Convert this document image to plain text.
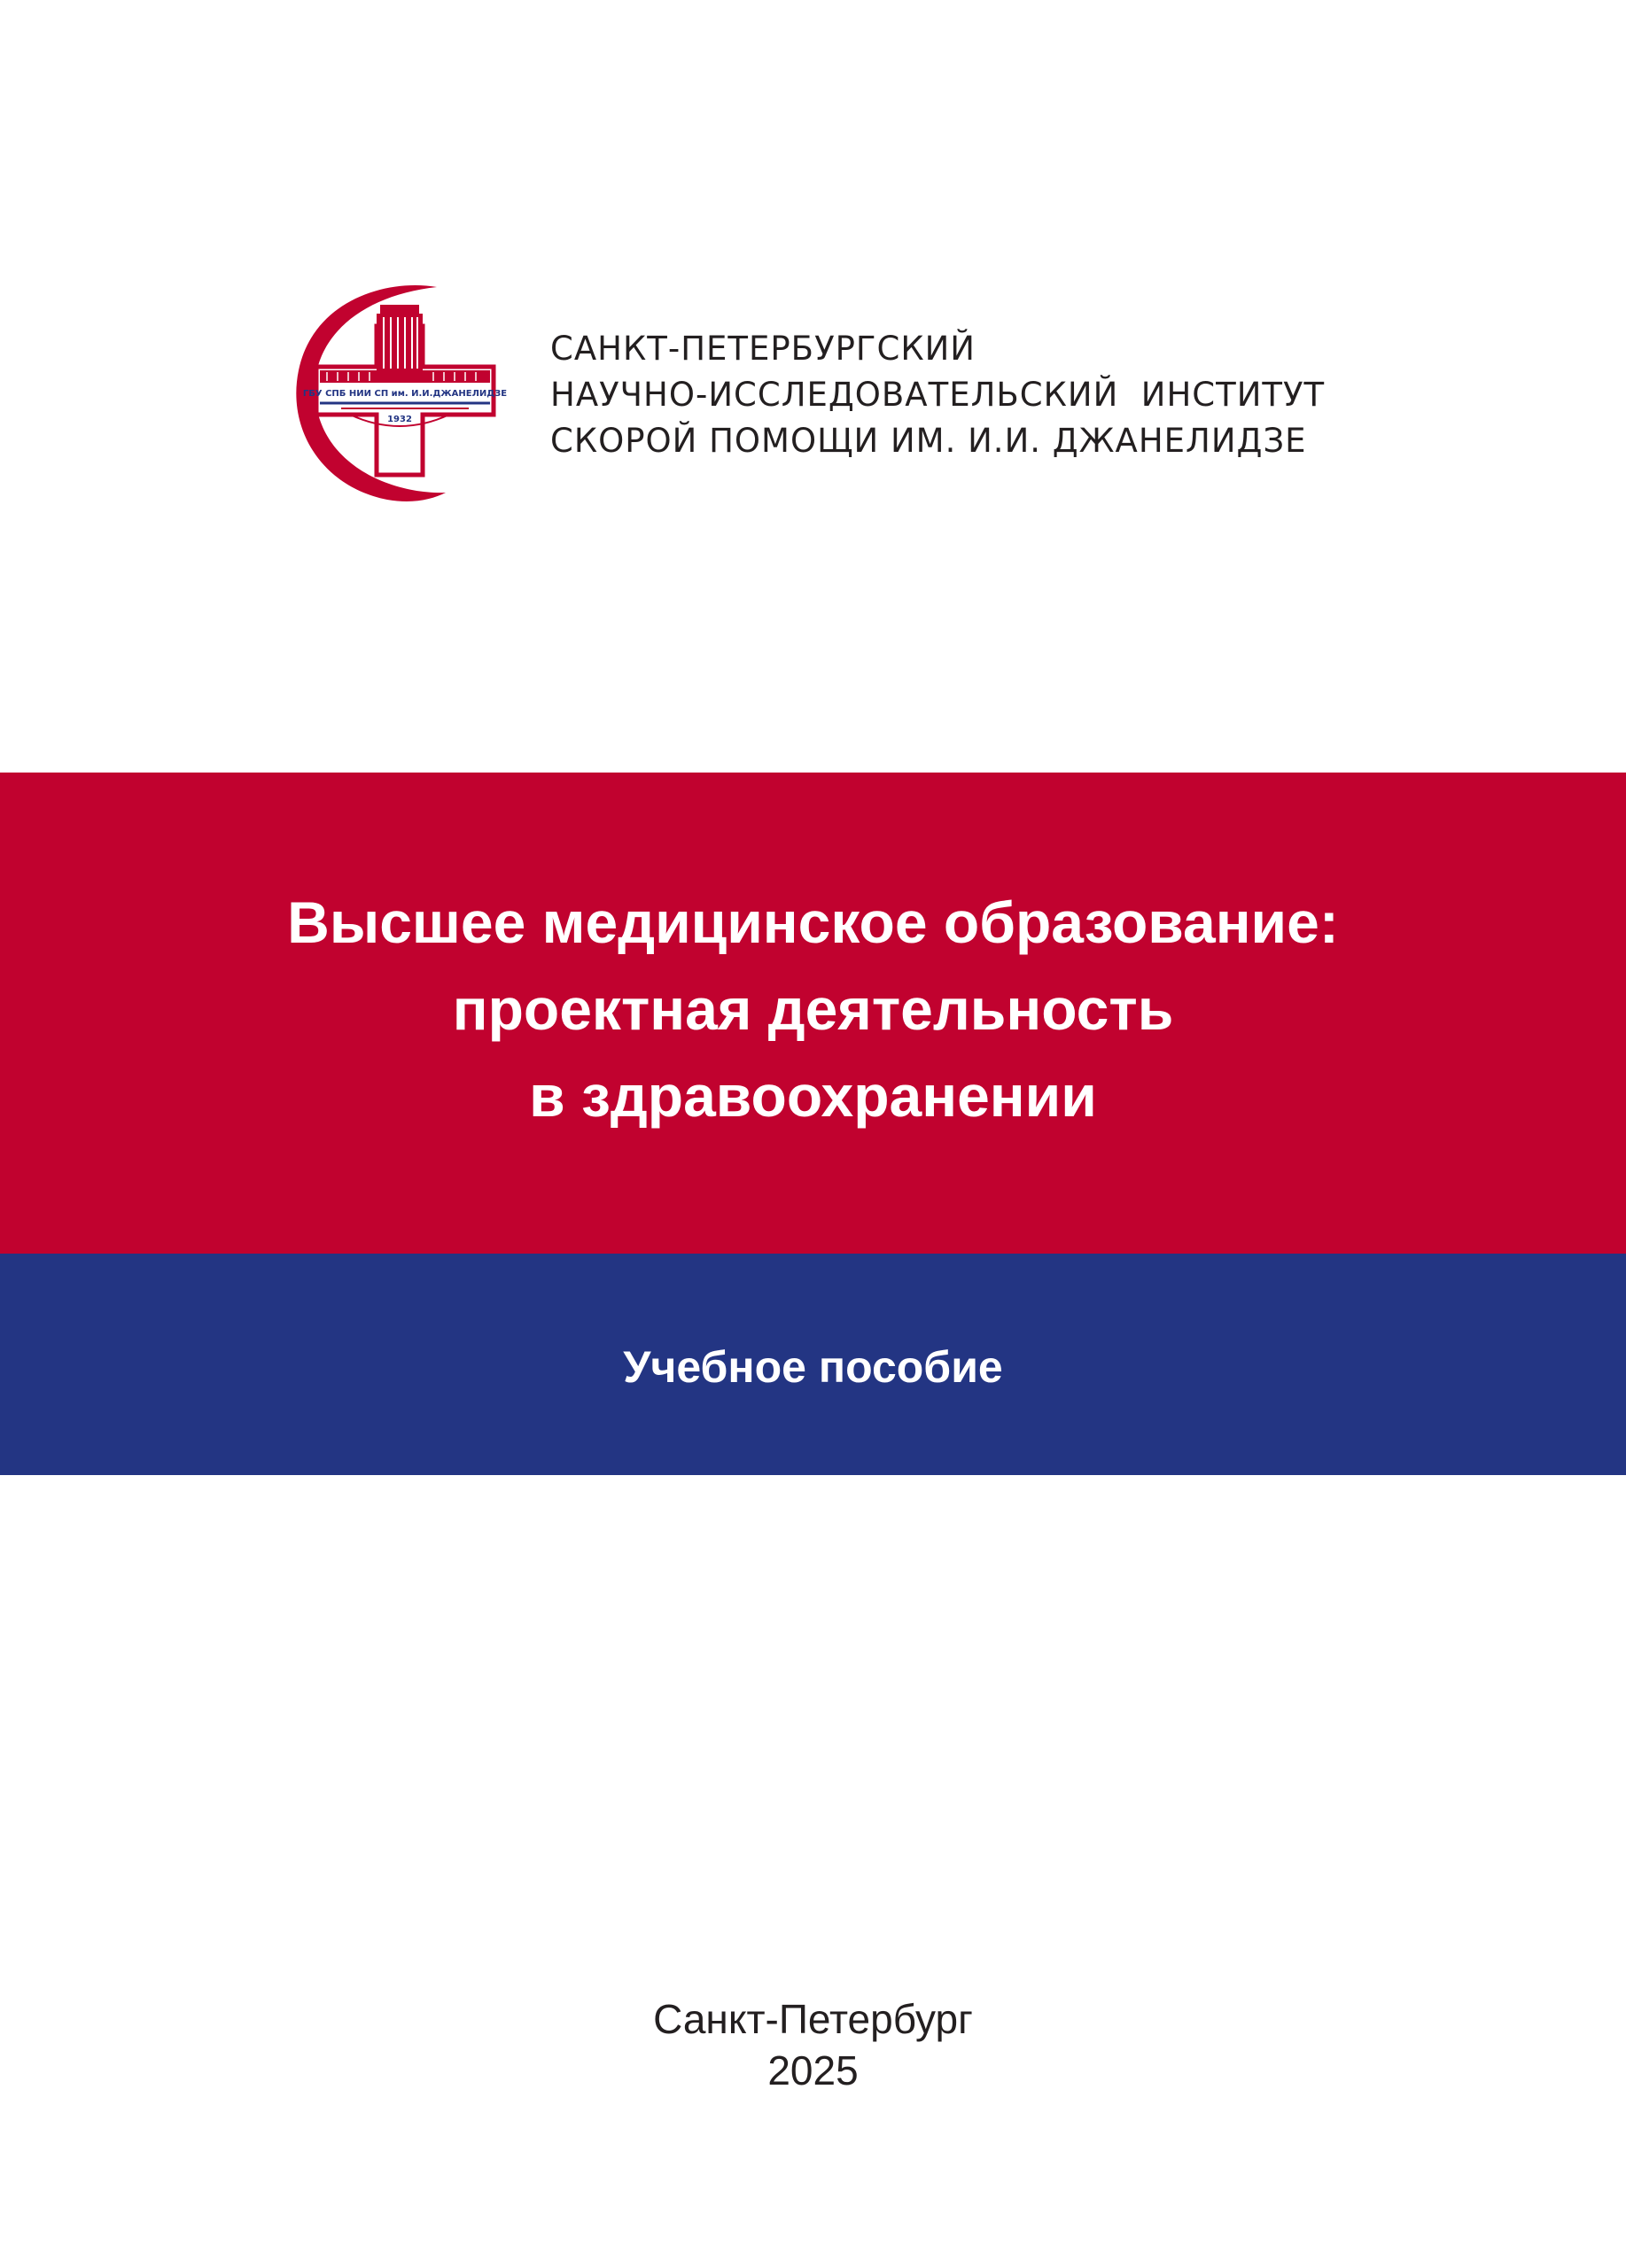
ГБУ СПБ НИИ СП им. И.И.ДЖАНЕЛИДЗЕ
1932
САНКТ-ПЕТЕРБУРГСКИЙ
НАУЧНО-ИССЛЕДОВАТЕЛЬСКИЙ  ИНСТИТУТ
СКОРОЙ ПОМОЩИ ИМ. И.И. ДЖАНЕЛИДЗЕ
Высшее медицинское образование:
проектная деятельность
в здравоохранении
Учебное пособие
Санкт-Петербург
2025
